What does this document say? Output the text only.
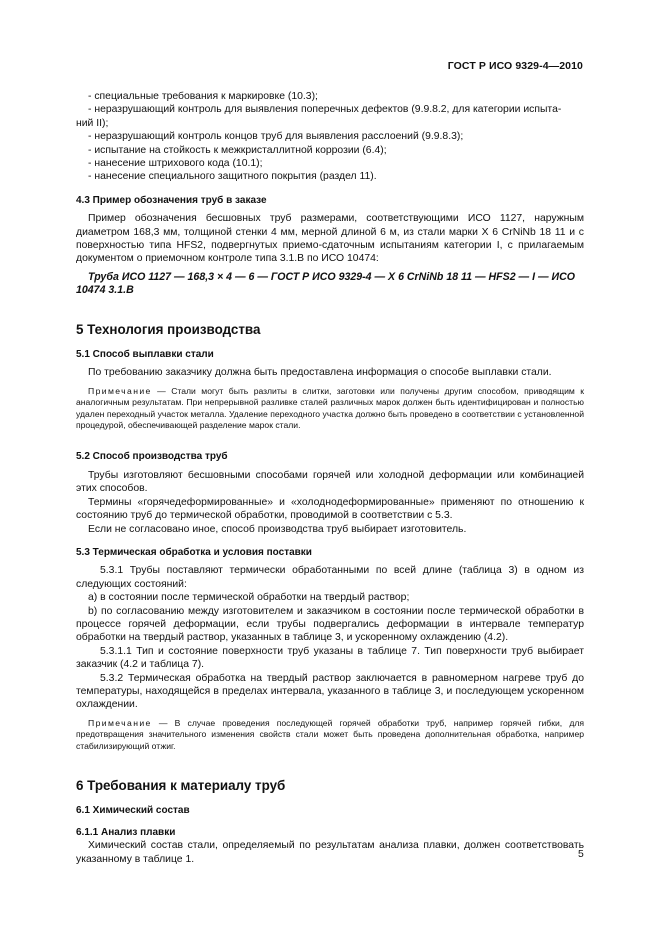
ГОСТ Р ИСО 9329-4—2010

- специальные требования к маркировке (10.3);

- неразрушающий контроль для выявления поперечных дефектов (9.9.8.2, для категории испыта-

ний II);

- неразрушающий контроль концов труб для выявления расслоений (9.9.8.3);

- испытание на стойкость к межкристаллитной коррозии (6.4);

- нанесение штрихового кода (10.1);

- нанесение специального защитного покрытия (раздел 11).

4.3 Пример обозначения труб в заказе

Пример обозначения бесшовных труб размерами, соответствующими ИСО 1127, наружным диаметром 168,3 мм, толщиной стенки 4 мм, мерной длиной 6 м, из стали марки Х 6 CrNiNb 18 11 и с поверхностью типа HFS2, подвергнутых приемо-сдаточным испытаниям категории I, с прилагаемым документом о приемочном контроле типа 3.1.В по ИСО 10474:

Труба ИСО 1127 — 168,3 × 4 — 6 — ГОСТ Р ИСО 9329-4 — X 6 CrNiNb 18 11 — HFS2 — I — ИСО 10474 3.1.B

5 Технология производства

5.1 Способ выплавки стали

По требованию заказчику должна быть предоставлена информация о способе выплавки стали.

Примечание — Стали могут быть разлиты в слитки, заготовки или получены другим способом, приводящим к аналогичным результатам. При непрерывной разливке сталей различных марок должен быть идентифицирован и полностью удален переходный участок металла. Удаление переходного участка должно быть проведено в соответствии с установленной процедурой, обеспечивающей разделение марок стали.

5.2 Способ производства труб

Трубы изготовляют бесшовными способами горячей или холодной деформации или комбинацией этих способов.

Термины «горячедеформированные» и «холоднодеформированные» применяют по отношению к состоянию труб до термической обработки, проводимой в соответствии с 5.3.

Если не согласовано иное, способ производства труб выбирает изготовитель.

5.3 Термическая обработка и условия поставки

5.3.1 Трубы поставляют термически обработанными по всей длине (таблица 3) в одном из следующих состояний:

a) в состоянии после термической обработки на твердый раствор;

b) по согласованию между изготовителем и заказчиком в состоянии после термической обработки в процессе горячей деформации, если трубы подвергались деформации в интервале температур обработки на твердый раствор, указанных в таблице 3, и ускоренному охлаждению (4.2).

5.3.1.1 Тип и состояние поверхности труб указаны в таблице 7. Тип поверхности труб выбирает заказчик (4.2 и таблица 7).

5.3.2 Термическая обработка на твердый раствор заключается в равномерном нагреве труб до температуры, находящейся в пределах интервала, указанного в таблице 3, и последующем ускоренном охлаждении.

Примечание — В случае проведения последующей горячей обработки труб, например горячей гибки, для предотвращения значительного изменения свойств стали может быть проведена дополнительная обработка, например стабилизирующий отжиг.

6 Требования к материалу труб

6.1 Химический состав

6.1.1 Анализ плавки

Химический состав стали, определяемый по результатам анализа плавки, должен соответствовать указанному в таблице 1.	5
